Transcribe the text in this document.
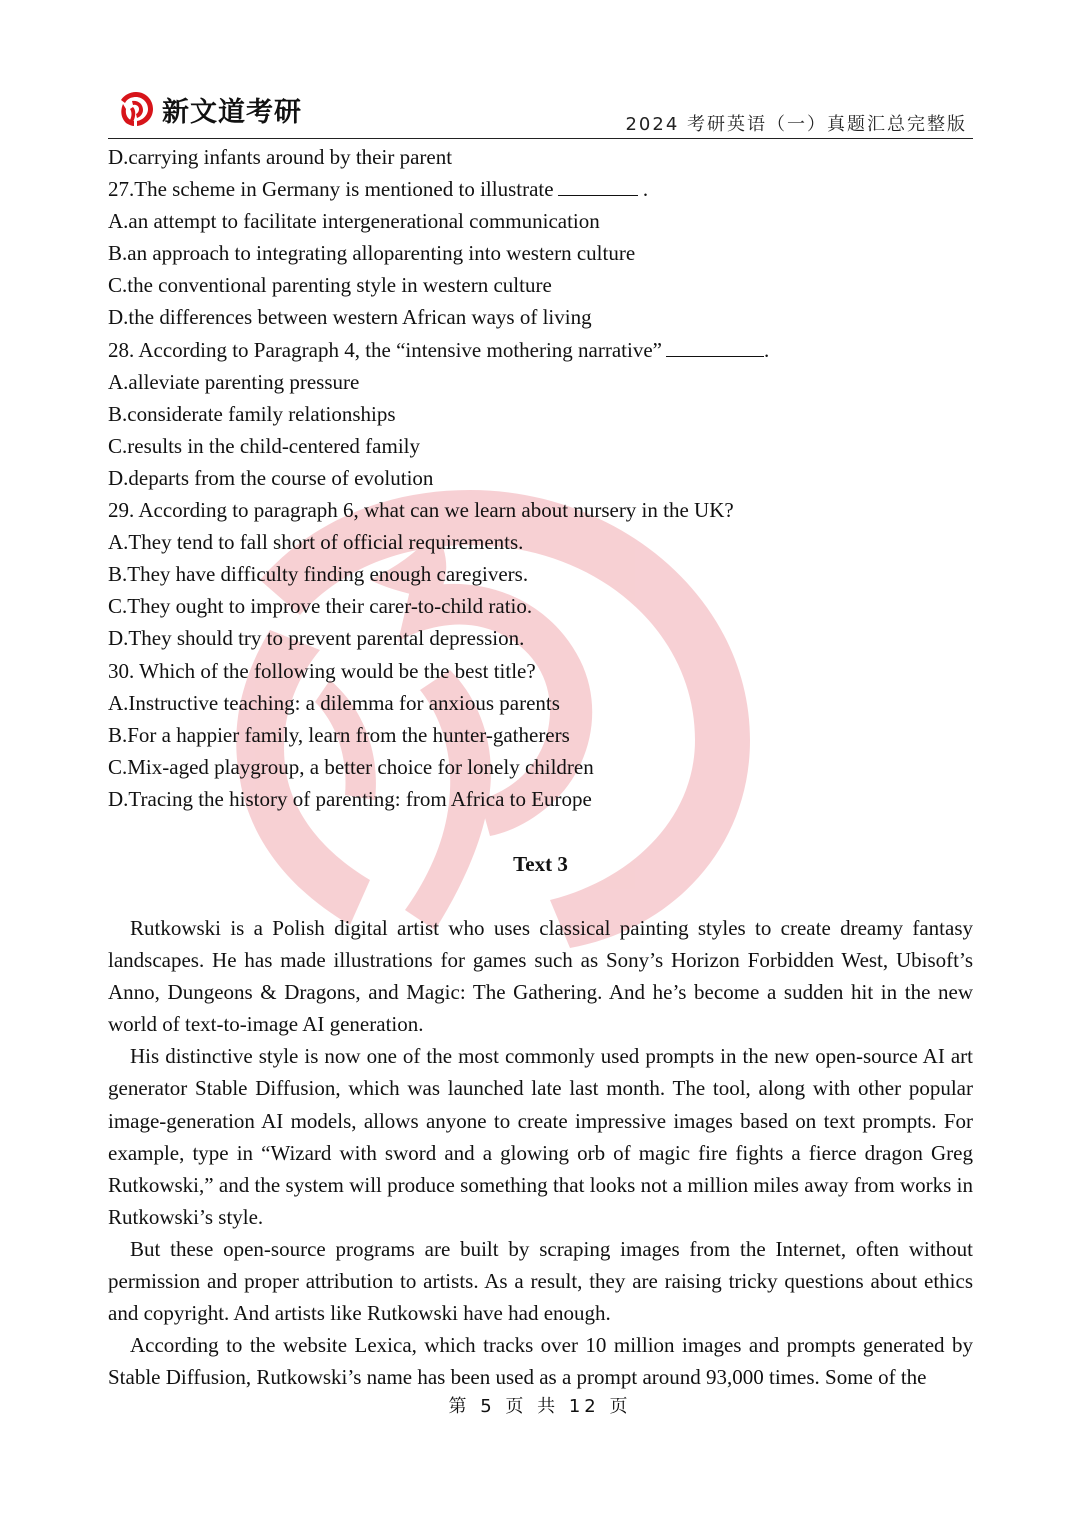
新文道考研	2024 考研英语（一）真题汇总完整版
D.carrying infants around by their parent
27.The scheme in Germany is mentioned to illustrate	.
A.an attempt to facilitate intergenerational communication
B.an approach to integrating alloparenting into western culture
C.the conventional parenting style in western culture
D.the differences between western African ways of living
28. According to Paragraph 4, the “intensive mothering narrative”	.
A.alleviate parenting pressure
B.considerate family relationships
C.results in the child-centered family
D.departs from the course of evolution
29. According to paragraph 6, what can we learn about nursery in the UK?
A.They tend to fall short of official requirements.
B.They have difficulty finding enough caregivers.
C.They ought to improve their carer-to-child ratio.
D.They should try to prevent parental depression.
30. Which of the following would be the best title?
A.Instructive teaching: a dilemma for anxious parents
B.For a happier family, learn from the hunter-gatherers
C.Mix-aged playgroup, a better choice for lonely children
D.Tracing the history of parenting: from Africa to Europe
Text 3

Rutkowski is a Polish digital artist who uses classical painting styles to create dreamy fantasy landscapes. He has made illustrations for games such as Sony’s Horizon Forbidden West, Ubisoft’s Anno, Dungeons & Dragons, and Magic: The Gathering. And he’s become a sudden hit in the new world of text-to-image AI generation.

His distinctive style is now one of the most commonly used prompts in the new open-source AI art generator Stable Diffusion, which was launched late last month. The tool, along with other popular image-generation AI models, allows anyone to create impressive images based on text prompts. For example, type in “Wizard with sword and a glowing orb of magic fire fights a fierce dragon Greg Rutkowski,” and the system will produce something that looks not a million miles away from works in Rutkowski’s style.

But these open-source programs are built by scraping images from the Internet, often without permission and proper attribution to artists. As a result, they are raising tricky questions about ethics and copyright. And artists like Rutkowski have had enough.

According to the website Lexica, which tracks over 10 million images and prompts generated by Stable Diffusion, Rutkowski’s name has been used as a prompt around 93,000 times. Some of the

第 5 页 共 12 页
